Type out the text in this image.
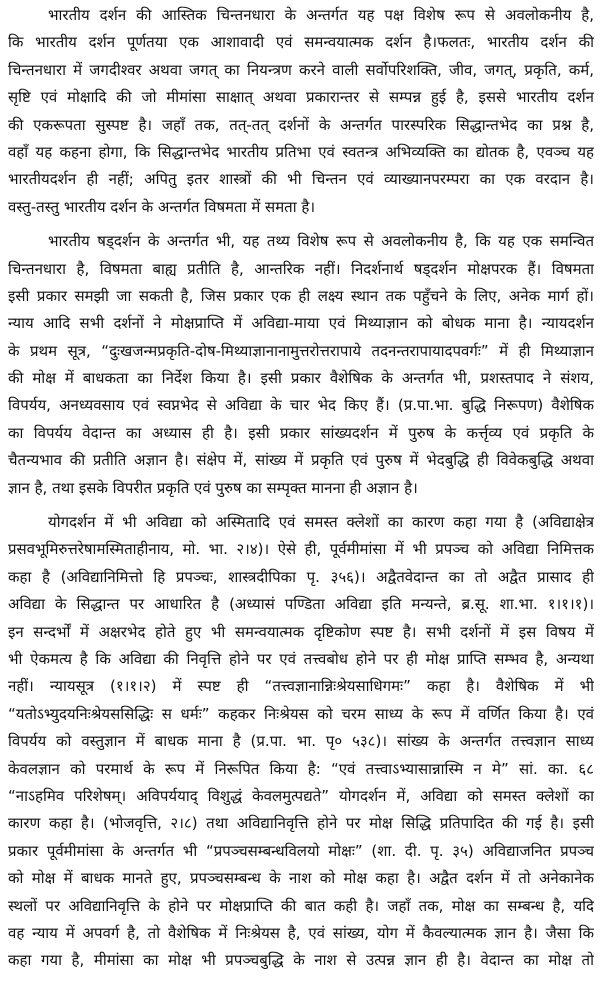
भारतीय दर्शन की आस्तिक चिन्तनधारा के अन्तर्गत यह पक्ष विशेष रूप से अवलोकनीय है,
कि भारतीय दर्शन पूर्णतया एक आशावादी एवं समन्वयात्मक दर्शन है।फलतः, भारतीय दर्शन की
चिन्तनधारा में जगदीश्वर अथवा जगत् का नियन्त्रण करने वाली सर्वोपरिशक्ति, जीव, जगत्, प्रकृति, कर्म,
सृष्टि एवं मोक्षादि की जो मीमांसा साक्षात् अथवा प्रकारान्तर से सम्पन्न हुई है, इससे भारतीय दर्शन
की एकरूपता सुस्पष्ट है। जहाँ तक, तत्-तत् दर्शनों के अन्तर्गत पारस्परिक सिद्धान्तभेद का प्रश्न है,
वहाँ यह कहना होगा, कि सिद्धान्तभेद भारतीय प्रतिभा एवं स्वतन्त्र अभिव्यक्ति का द्योतक है, एवञ्च यह
भारतीयदर्शन ही नहीं; अपितु इतर शास्त्रों की भी चिन्तन एवं व्याख्यानपरम्परा का एक वरदान है।
वस्तु-तस्तु भारतीय दर्शन के अन्तर्गत विषमता में समता है।
भारतीय षड्दर्शन के अन्तर्गत भी, यह तथ्य विशेष रूप से अवलोकनीय है, कि यह एक समन्वित
चिन्तनधारा है, विषमता बाह्य प्रतीति है, आन्तरिक नहीं। निदर्शनार्थ षड्दर्शन मोक्षपरक हैं। विषमता
इसी प्रकार समझी जा सकती है, जिस प्रकार एक ही लक्ष्य स्थान तक पहुँचने के लिए, अनेक मार्ग हों।
न्याय आदि सभी दर्शनों ने मोक्षप्राप्ति में अविद्या-माया एवं मिथ्याज्ञान को बोधक माना है। न्यायदर्शन
के प्रथम सूत्र, “दुःखजन्मप्रकृति-दोष-मिथ्याज्ञानानामुत्तरोत्तरापाये तदनन्तरापायादपवर्गः” में ही मिथ्याज्ञान
की मोक्ष में बाधकता का निर्देश किया है। इसी प्रकार वैशेषिक के अन्तर्गत भी, प्रशस्तपाद ने संशय,
विपर्यय, अनध्यवसाय एवं स्वप्नभेद से अविद्या के चार भेद किए हैं। (प्र.पा.भा. बुद्धि निरूपण) वैशेषिक
का विपर्यय वेदान्त का अध्यास ही है। इसी प्रकार सांख्यदर्शन में पुरुष के कर्त्तृव्य एवं प्रकृति के
चैतन्यभाव की प्रतीति अज्ञान है। संक्षेप में, सांख्य में प्रकृति एवं पुरुष में भेदबुद्धि ही विवेकबुद्धि अथवा
ज्ञान है, तथा इसके विपरीत प्रकृति एवं पुरुष का सम्पृक्त मानना ही अज्ञान है।
योगदर्शन में भी अविद्या को अस्मितादि एवं समस्त क्लेशों का कारण कहा गया है (अविद्याक्षेत्र
प्रसवभूमिरुत्तरेषामस्मिताहीनाय, मो. भा. २।४)। ऐसे ही, पूर्वमीमांसा में भी प्रपञ्च को अविद्या निमित्तक
कहा है (अविद्यानिमित्तो हि प्रपञ्चः, शास्त्रदीपिका पृ. ३५६)। अद्वैतवेदान्त का तो अद्वैत प्रासाद ही
अविद्या के सिद्धान्त पर आधारित है (अध्यासं पण्डिता अविद्या इति मन्यन्ते, ब्र.सू. शा.भा. १।१।१)।
इन सन्दर्भों में अक्षरभेद होते हुए भी समन्वयात्मक दृष्टिकोण स्पष्ट है। सभी दर्शनों में इस विषय में
भी ऐकमत्य है कि अविद्या की निवृत्ति होने पर एवं तत्त्वबोध होने पर ही मोक्ष प्राप्ति सम्भव है, अन्यथा
नहीं। न्यायसूत्र (१।१।२) में स्पष्ट ही “तत्त्वज्ञानान्निःश्रेयसाधिगमः” कहा है। वैशेषिक में भी
“यतोऽभ्युदयनिःश्रेयससिद्धिः स धर्मः” कहकर निःश्रेयस को चरम साध्य के रूप में वर्णित किया है। एवं
विपर्यय को वस्तुज्ञान में बाधक माना है (प्र.पा. भा. पृ० ५३८)। सांख्य के अन्तर्गत तत्त्वज्ञान साध्य
केवलज्ञान को परमार्थ के रूप में निरूपित किया है: “एवं तत्त्वाऽभ्यासान्नास्मि न मे” सां. का. ६८
“नाऽहमिव परिशेषम्। अविपर्ययाद् विशुद्धं केवलमुत्पद्यते” योगदर्शन में, अविद्या को समस्त क्लेशों का
कारण कहा है। (भोजवृत्ति, २।८) तथा अविद्यानिवृत्ति होने पर मोक्ष सिद्धि प्रतिपादित की गई है। इसी
प्रकार पूर्वमीमांसा के अन्तर्गत भी “प्रपञ्चसम्बन्धविलयो मोक्षः” (शा. दी. पृ. ३५) अविद्याजनित प्रपञ्च
को मोक्ष में बाधक मानते हुए, प्रपञ्चसम्बन्ध के नाश को मोक्ष कहा है। अद्वैत दर्शन में तो अनेकानेक
स्थलों पर अविद्यानिवृत्ति के होने पर मोक्षप्राप्ति की बात कही है। जहाँ तक, मोक्ष का सम्बन्ध है, यदि
वह न्याय में अपवर्ग है, तो वैशेषिक में निःश्रेयस है, एवं सांख्य, योग में कैवल्यात्मक ज्ञान है। जैसा कि
कहा गया है, मीमांसा का मोक्ष भी प्रपञ्चबुद्धि के नाश से उत्पन्न ज्ञान ही है। वेदान्त का मोक्ष तो
